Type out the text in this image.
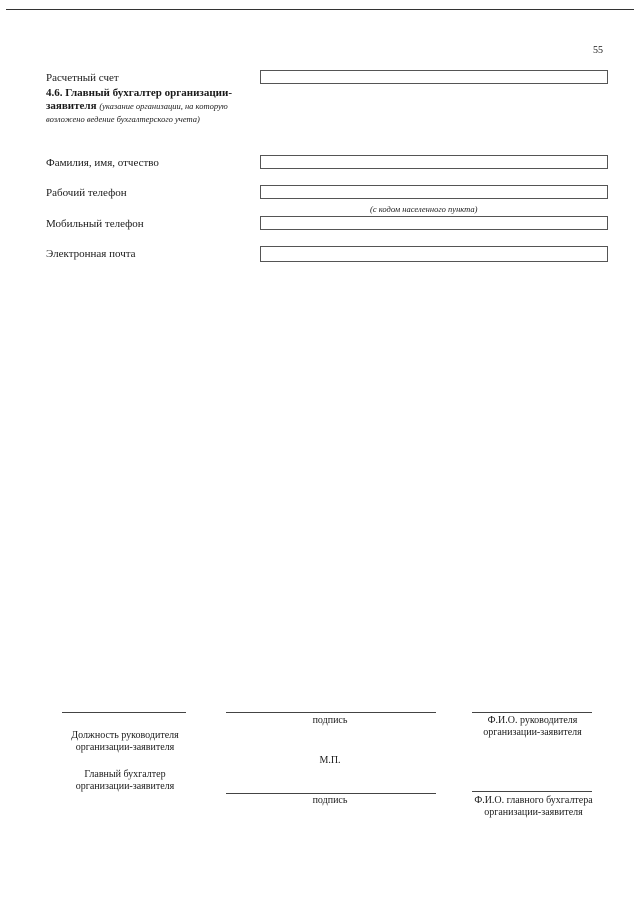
55
Расчетный счет
4.6. Главный бухгалтер организации-заявителя (указание организации, на которую возложено ведение бухгалтерского учета)
Фамилия, имя, отчество
Рабочий телефон
(с кодом населенного пункта)
Мобильный телефон
Электронная почта
подпись	Ф.И.О. руководителя организации-заявителя
Должность руководителя организации-заявителя
М.П.
Главный бухгалтер организации-заявителя
подпись	Ф.И.О. главного бухгалтера организации-заявителя
